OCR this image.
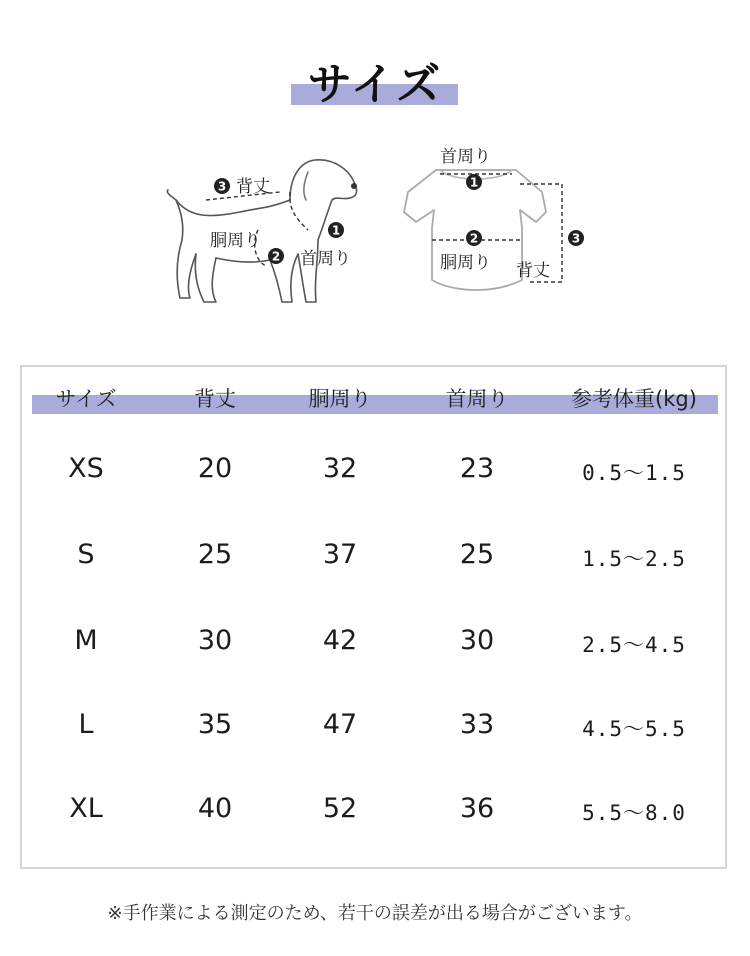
サイズ
3 背丈
1
首周り
2
胴周り
首周り
1
2
胴周り
3
背丈
サイズ	背丈	胴周り	首周り	参考体重(kg)
XS	20	32	23	0.5〜1.5
S	25	37	25	1.5〜2.5
M	30	42	30	2.5〜4.5
L	35	47	33	4.5〜5.5
XL	40	52	36	5.5〜8.0
※手作業による測定のため、若干の誤差が出る場合がございます。
